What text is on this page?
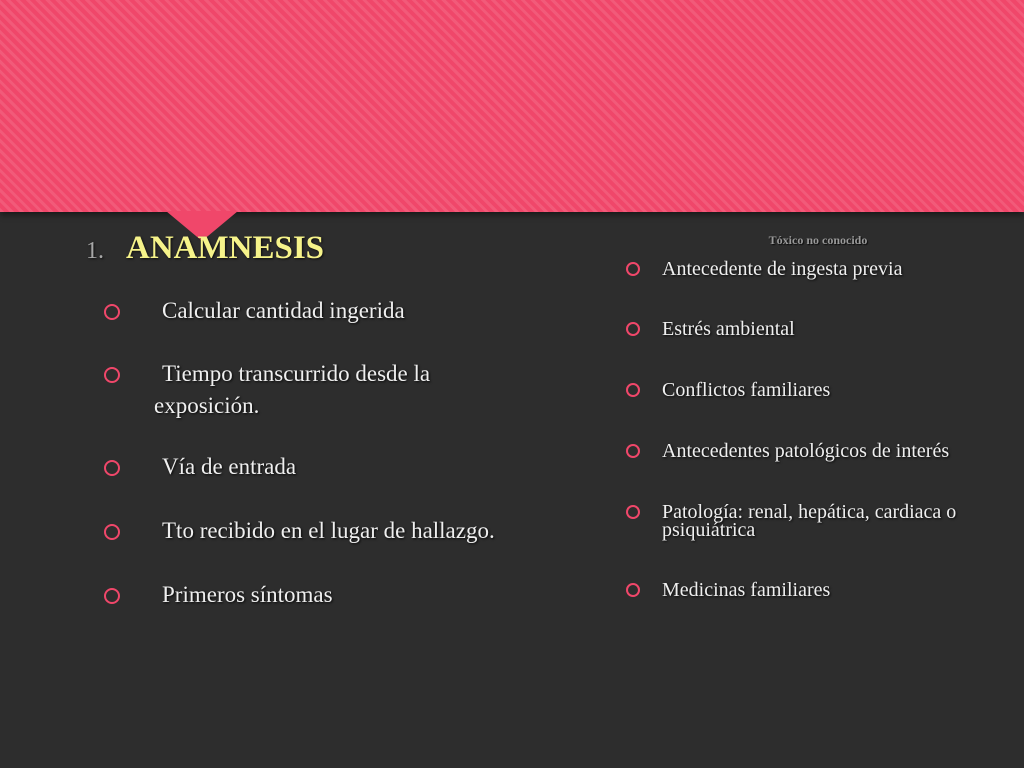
1. ANAMNESIS
Calcular cantidad ingerida
Tiempo transcurrido desde la
exposición.
Vía de entrada
Tto recibido en el lugar de hallazgo.
Primeros síntomas
Tóxico no conocido
Antecedente de ingesta previa
Estrés ambiental
Conflictos familiares
Antecedentes patológicos de interés
Patología: renal, hepática, cardiaca o
psiquiátrica
Medicinas familiares
